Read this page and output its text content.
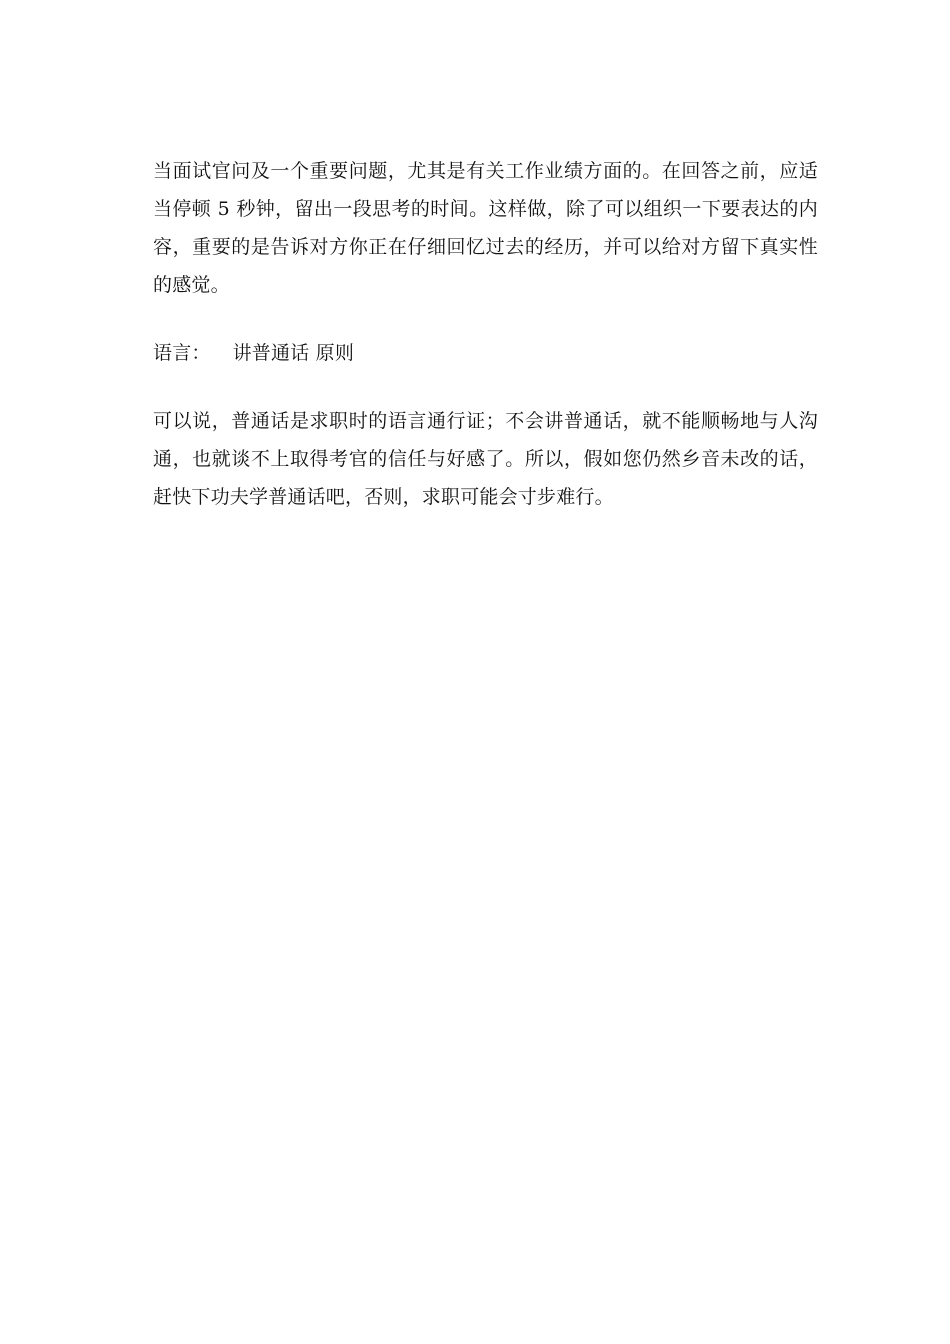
当面试官问及一个重要问题，尤其是有关工作业绩方面的。在回答之前，应适当停顿 5 秒钟，留出一段思考的时间。这样做，除了可以组织一下要表达的内容，重要的是告诉对方你正在仔细回忆过去的经历，并可以给对方留下真实性的感觉。

语言： 讲普通话 原则

可以说，普通话是求职时的语言通行证；不会讲普通话，就不能顺畅地与人沟通，也就谈不上取得考官的信任与好感了。所以，假如您仍然乡音未改的话，赶快下功夫学普通话吧，否则，求职可能会寸步难行。
